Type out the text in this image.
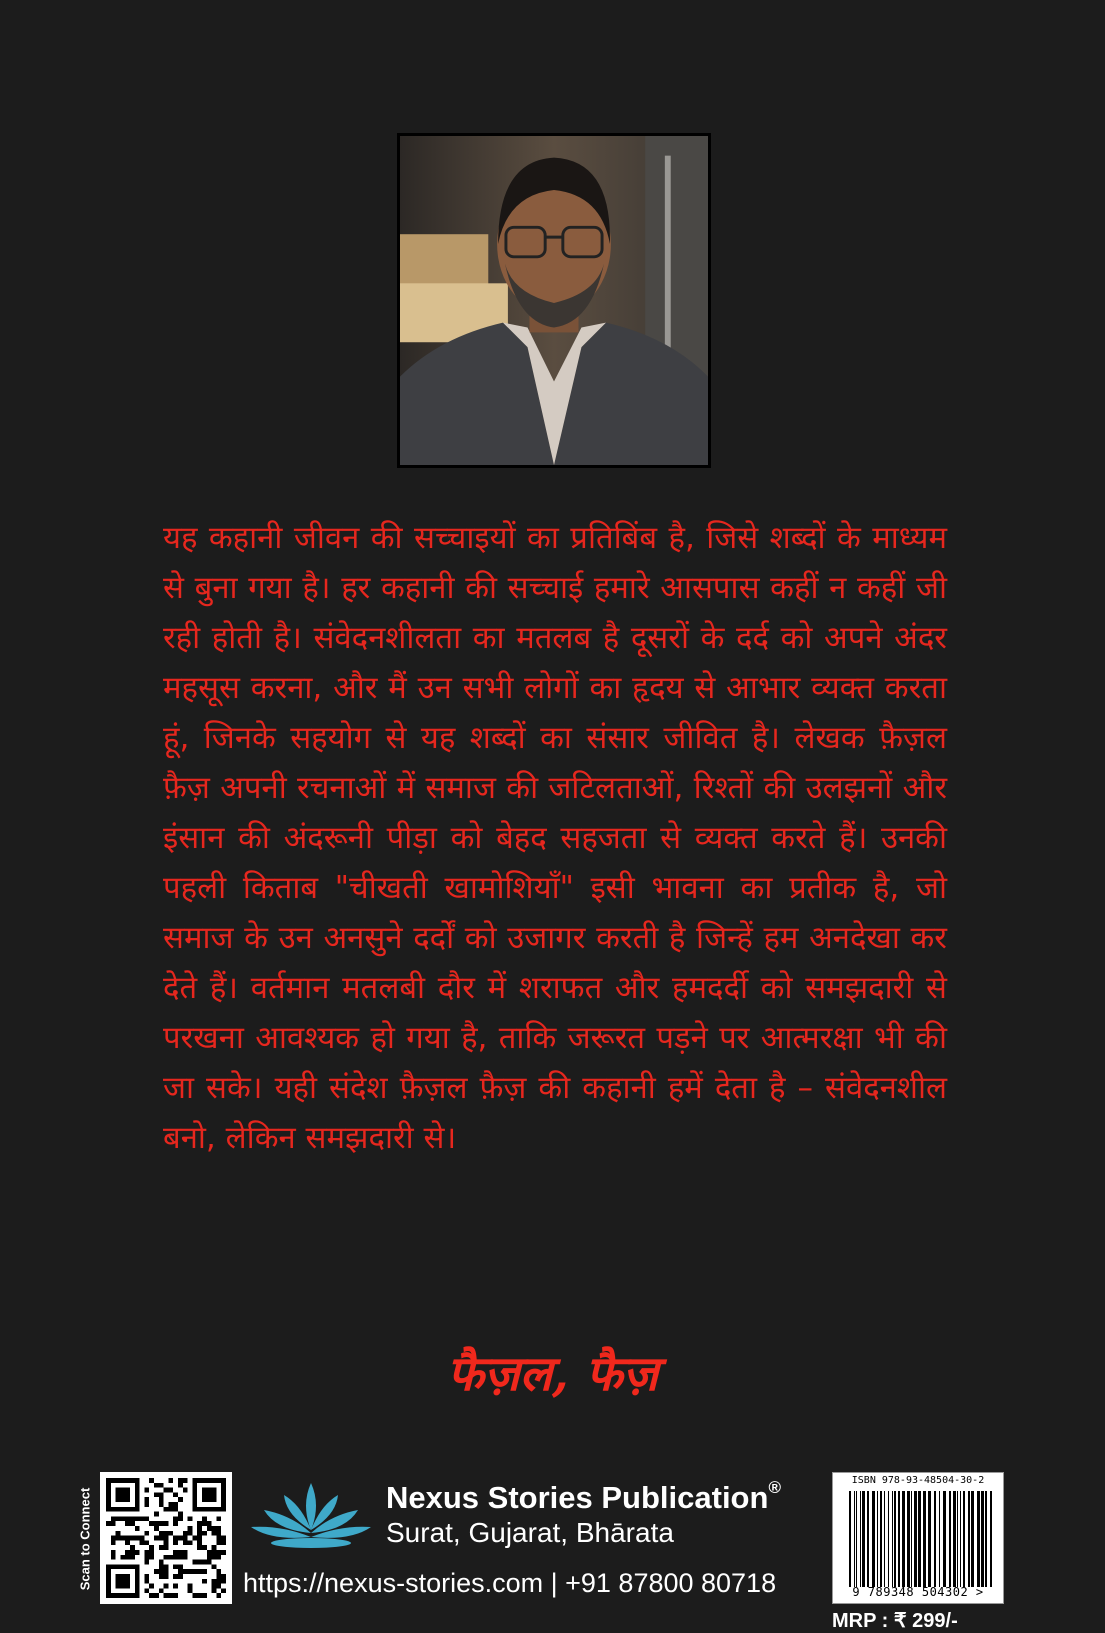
यह कहानी जीवन की सच्चाइयों का प्रतिबिंब है, जिसे शब्दों के माध्यम से बुना गया है। हर कहानी की सच्चाई हमारे आसपास कहीं न कहीं जी रही होती है। संवेदनशीलता का मतलब है दूसरों के दर्द को अपने अंदर महसूस करना, और मैं उन सभी लोगों का हृदय से आभार व्यक्त करता हूं, जिनके सहयोग से यह शब्दों का संसार जीवित है। लेखक फ़ैज़ल फ़ैज़ अपनी रचनाओं में समाज की जटिलताओं, रिश्तों की उलझनों और इंसान की अंदरूनी पीड़ा को बेहद सहजता से व्यक्त करते हैं। उनकी पहली किताब "चीखती खामोशियाँ" इसी भावना का प्रतीक है, जो समाज के उन अनसुने दर्दों को उजागर करती है जिन्हें हम अनदेखा कर देते हैं। वर्तमान मतलबी दौर में शराफत और हमदर्दी को समझदारी से परखना आवश्यक हो गया है, ताकि जरूरत पड़ने पर आत्मरक्षा भी की जा सके। यही संदेश फ़ैज़ल फ़ैज़ की कहानी हमें देता है – संवेदनशील बनो, लेकिन समझदारी से।
फैज़ल, फैज़
Scan to Connect	Nexus Stories Publication®
Surat, Gujarat, Bhārata
https://nexus-stories.com | +91 87800 80718
ISBN 978-93-48504-30-2
9 789348 504302 >
MRP : ₹ 299/-
